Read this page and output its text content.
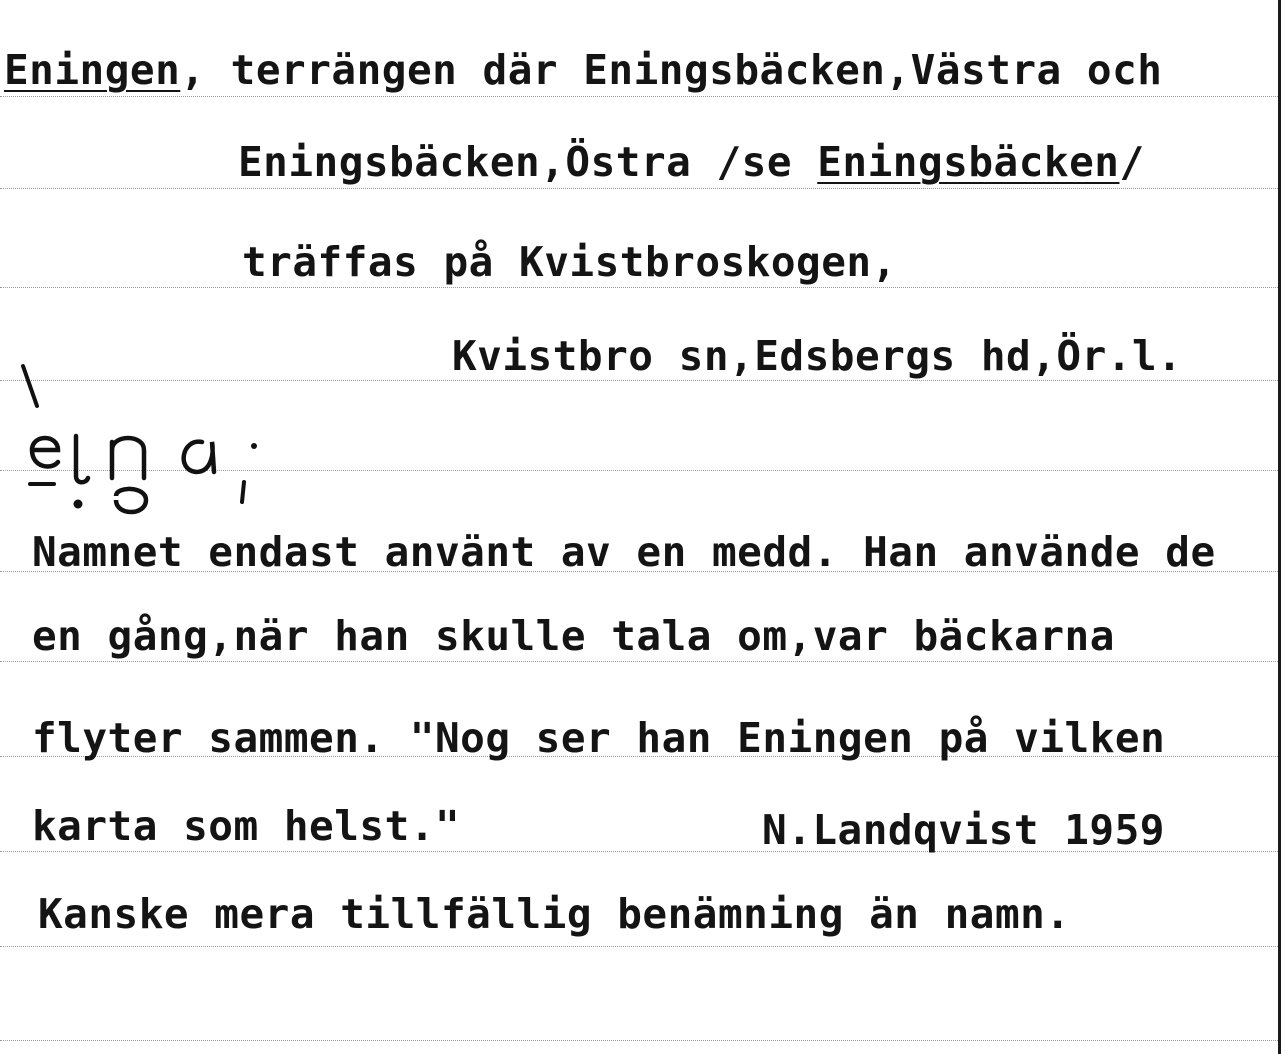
Eningen, terrängen där Eningsbäcken,Västra och
Eningsbäcken,Östra /se Eningsbäcken/
träffas på Kvistbroskogen,
Kvistbro sn,Edsbergs hd,Ör.l.
Namnet endast använt av en medd. Han använde de
en gång,när han skulle tala om,var bäckarna
flyter sammen. "Nog ser han Eningen på vilken
karta som helst."	N.Landqvist 1959
Kanske mera tillfällig benämning än namn.
